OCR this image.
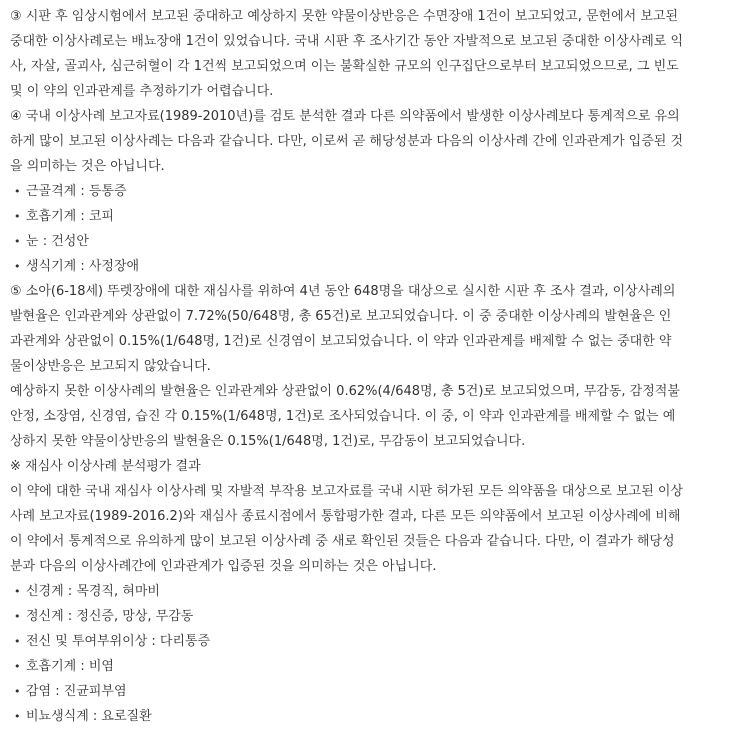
③ 시판 후 임상시험에서 보고된 중대하고 예상하지 못한 약물이상반응은 수면장애 1건이 보고되었고, 문헌에서 보고된
중대한 이상사례로는 배뇨장애 1건이 있었습니다. 국내 시판 후 조사기간 동안 자발적으로 보고된 중대한 이상사례로 익
사, 자살, 골괴사, 심근허혈이 각 1건씩 보고되었으며 이는 불확실한 규모의 인구집단으로부터 보고되었으므로, 그 빈도
및 이 약의 인과관계를 추정하기가 어렵습니다.

④ 국내 이상사례 보고자료(1989-2010년)를 검토 분석한 결과 다른 의약품에서 발생한 이상사례보다 통계적으로 유의
하게 많이 보고된 이상사례는 다음과 같습니다. 다만, 이로써 곧 해당성분과 다음의 이상사례 간에 인과관계가 입증된 것
을 의미하는 것은 아닙니다.

• 근골격계 : 등통증
• 호흡기계 : 코피
• 눈 : 건성안
• 생식기계 : 사정장애

⑤ 소아(6-18세) 뚜렛장애에 대한 재심사를 위하여 4년 동안 648명을 대상으로 실시한 시판 후 조사 결과, 이상사례의
발현율은 인과관계와 상관없이 7.72%(50/648명, 총 65건)로 보고되었습니다. 이 중 중대한 이상사례의 발현율은 인
과관계와 상관없이 0.15%(1/648명, 1건)로 신경염이 보고되었습니다. 이 약과 인과관계를 배제할 수 없는 중대한 약
물이상반응은 보고되지 않았습니다.

예상하지 못한 이상사례의 발현율은 인과관계와 상관없이 0.62%(4/648명, 총 5건)로 보고되었으며, 무감동, 감정적불
안정, 소장염, 신경염, 습진 각 0.15%(1/648명, 1건)로 조사되었습니다. 이 중, 이 약과 인과관계를 배제할 수 없는 예
상하지 못한 약물이상반응의 발현율은 0.15%(1/648명, 1건)로, 무감동이 보고되었습니다.

※ 재심사 이상사례 분석평가 결과

이 약에 대한 국내 재심사 이상사례 및 자발적 부작용 보고자료를 국내 시판 허가된 모든 의약품을 대상으로 보고된 이상
사례 보고자료(1989-2016.2)와 재심사 종료시점에서 통합평가한 결과, 다른 모든 의약품에서 보고된 이상사례에 비해
이 약에서 통계적으로 유의하게 많이 보고된 이상사례 중 새로 확인된 것들은 다음과 같습니다. 다만, 이 결과가 해당성
분과 다음의 이상사례간에 인과관계가 입증된 것을 의미하는 것은 아닙니다.

• 신경계 : 목경직, 혀마비
• 정신계 : 정신증, 망상, 무감동
• 전신 및 투여부위이상 : 다리통증
• 호흡기계 : 비염
• 감염 : 진균피부염
• 비뇨생식계 : 요로질환
